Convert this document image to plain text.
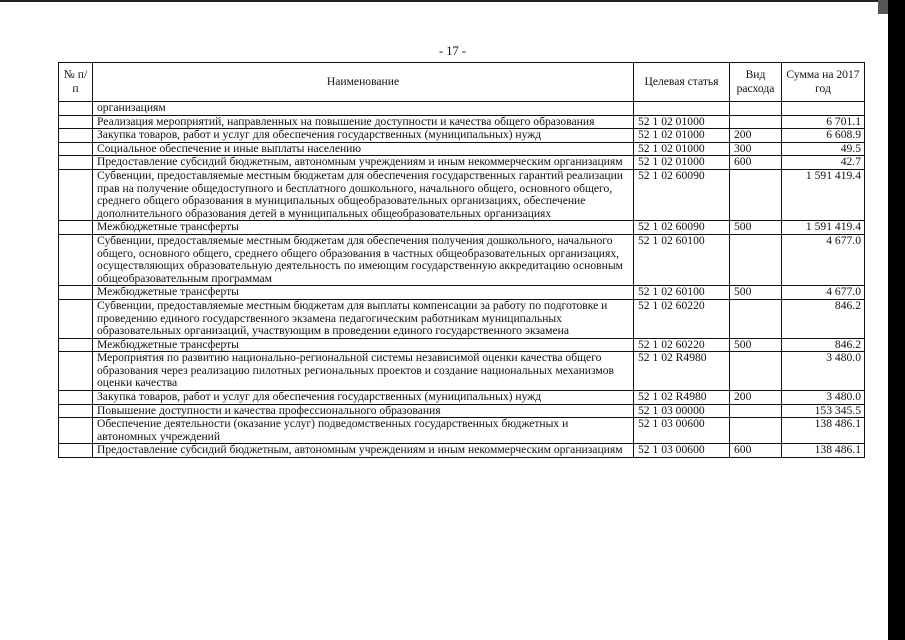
- 17 -
№ п/п	Наименование	Целевая статья	Вид расхода	Сумма на 2017 год
	организациям			
	Реализация мероприятий, направленных на повышение доступности и качества общего образования	52 1 02 01000		6 701.1
	Закупка товаров, работ и услуг для обеспечения государственных (муниципальных) нужд	52 1 02 01000	200	6 608.9
	Социальное обеспечение и иные выплаты населению	52 1 02 01000	300	49.5
	Предоставление субсидий бюджетным, автономным учреждениям и иным некоммерческим организациям	52 1 02 01000	600	42.7
	Субвенции, предоставляемые местным бюджетам для обеспечения государственных гарантий реализации прав на получение общедоступного и бесплатного дошкольного, начального общего, основного общего, среднего общего образования в муниципальных общеобразовательных организациях, обеспечение дополнительного образования детей в муниципальных общеобразовательных организациях	52 1 02 60090		1 591 419.4
	Межбюджетные трансферты	52 1 02 60090	500	1 591 419.4
	Субвенции, предоставляемые местным бюджетам для обеспечения получения дошкольного, начального общего, основного общего, среднего общего образования в частных общеобразовательных организациях, осуществляющих образовательную деятельность по имеющим государственную аккредитацию основным общеобразовательным программам	52 1 02 60100		4 677.0
	Межбюджетные трансферты	52 1 02 60100	500	4 677.0
	Субвенции, предоставляемые местным бюджетам для выплаты компенсации за работу по подготовке и проведению единого государственного экзамена педагогическим работникам муниципальных образовательных организаций, участвующим в проведении единого государственного экзамена	52 1 02 60220		846.2
	Межбюджетные трансферты	52 1 02 60220	500	846.2
	Мероприятия по развитию национально-региональной системы независимой оценки качества общего образования через реализацию пилотных региональных проектов и создание национальных механизмов оценки качества	52 1 02 R4980		3 480.0
	Закупка товаров, работ и услуг для обеспечения государственных (муниципальных) нужд	52 1 02 R4980	200	3 480.0
	Повышение доступности и качества профессионального образования	52 1 03 00000		153 345.5
	Обеспечение деятельности (оказание услуг) подведомственных государственных бюджетных и автономных учреждений	52 1 03 00600		138 486.1
	Предоставление субсидий бюджетным, автономным учреждениям и иным некоммерческим организациям	52 1 03 00600	600	138 486.1
